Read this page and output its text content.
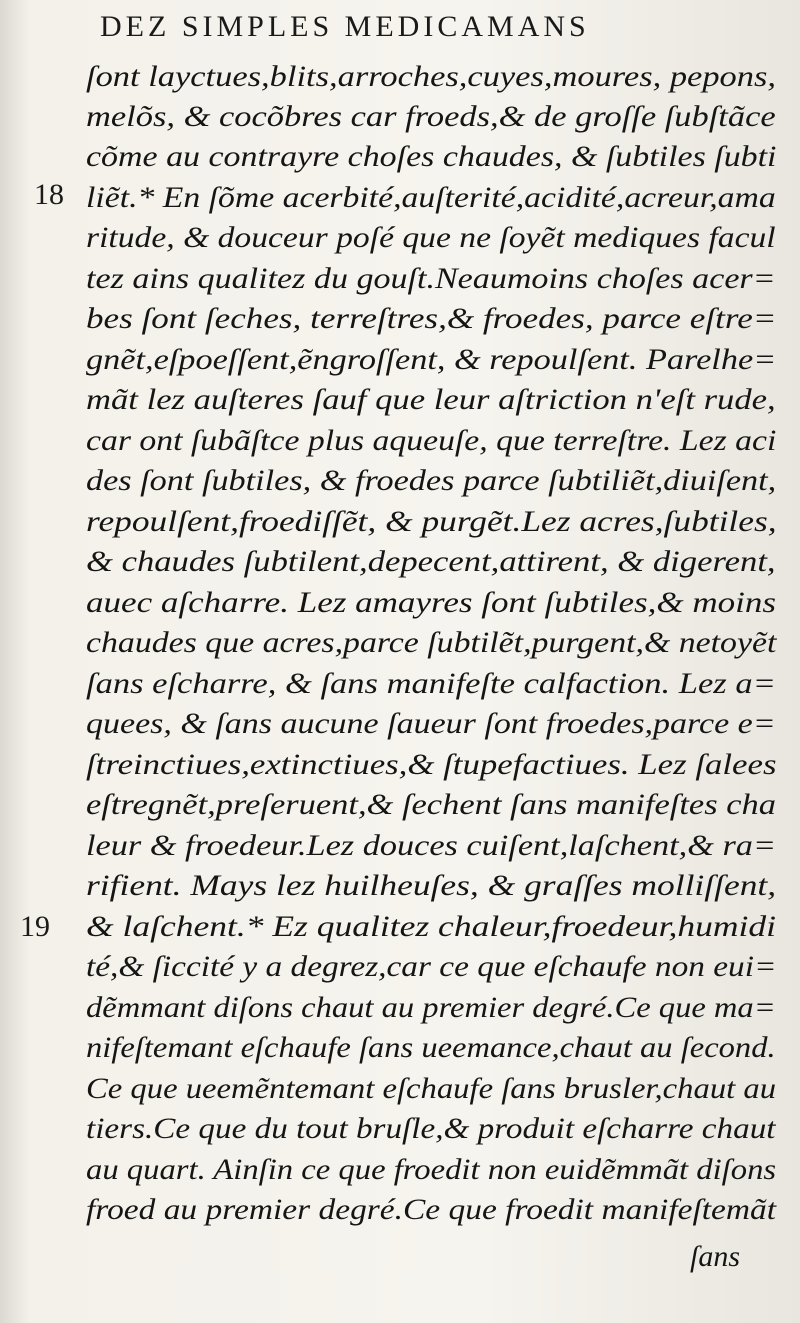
DEZ SIMPLES MEDICAMANS
18
19
ſont layctues,blits,arroches,cuyes,moures, pepons,
melõs, & cocõbres car froeds,& de groſſe ſubſtãce
cõme au contrayre choſes chaudes, & ſubtiles ſubti
liẽt.* En ſõme acerbité,auſterité,acidité,acreur,ama
ritude, & douceur poſé que ne ſoyẽt mediques facul
tez ains qualitez du gouſt.Neaumoins choſes acer=
bes ſont ſeches, terreſtres,& froedes, parce eſtre=
gnẽt,eſpoeſſent,ẽngroſſent, & repoulſent. Parelhe=
mãt lez auſteres ſauf que leur aſtriction n'eſt rude,
car ont ſubãſtce plus aqueuſe, que terreſtre. Lez aci
des ſont ſubtiles, & froedes parce ſubtiliẽt,diuiſent,
repoulſent,froediſſẽt, & purgẽt.Lez acres,ſubtiles,
& chaudes ſubtilent,depecent,attirent, & digerent,
auec aſcharre. Lez amayres ſont ſubtiles,& moins
chaudes que acres,parce ſubtilẽt,purgent,& netoyẽt
ſans eſcharre, & ſans manifeſte calfaction. Lez a=
quees, & ſans aucune ſaueur ſont froedes,parce e=
ſtreinctiues,extinctiues,& ſtupefactiues. Lez ſalees
eſtregnẽt,preſeruent,& ſechent ſans manifeſtes cha
leur & froedeur.Lez douces cuiſent,laſchent,& ra=
rifient. Mays lez huilheuſes, & graſſes molliſſent,
& laſchent.* Ez qualitez chaleur,froedeur,humidi
té,& ſiccité y a degrez,car ce que eſchaufe non eui=
dẽmmant diſons chaut au premier degré.Ce que ma=
nifeſtemant eſchaufe ſans ueemance,chaut au ſecond.
Ce que ueemẽntemant eſchaufe ſans brusler,chaut au
tiers.Ce que du tout bruſle,& produit eſcharre chaut
au quart. Ainſin ce que froedit non euidẽmmãt diſons
froed au premier degré.Ce que froedit manifeſtemãt
ſans
